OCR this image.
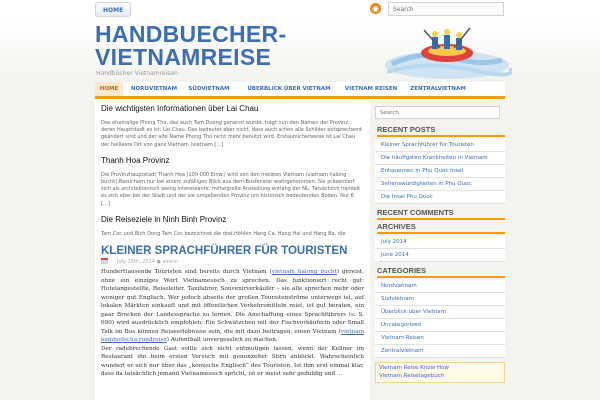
HOME	◉
Search
HANDBUECHER-
VIETNAMREISE
Handbücher Vietnamreisen
HOME	NORDVIETNAM	SÜDVIETNAM	ÜBERBLICK ÜBER VIETNAM	VIETNAM REISEN	ZENTRALVIETNAM
Die wichtigsten Informationen über Lai Chau

Das ehemalige Phong Tho, das auch Tam Duong genannt wurde, trägt nun den Namen der Provinz, deren Hauptstadt es ist: Lai Chau. Das bedeutet aber nicht, dass auch schon alle Schilder entsprechend geändert sind und der alte Name Phong Tho nicht mehr benutzt wird. Erstaunlicherweise ist Lai Chau der heißeste Ort von ganz Vietnam (vietnam […]

Thanh Hoa Provinz

Die Provinzhauptstadt Thanh Hoa (100 000 Einw.) wird von den meisten Vietnam (vietnam halong bucht)-Besuchern nur bei einem zufälligen Blick aus dem Busfenster wahrgenommen. Sie präsentiert sich als architektonisch wenig interessante, mittelgroße Ansiedlung entlang der NL. Tatsächlich handelt es sich aber bei der Stadt und der sie umgebenden Provinz um historisch bedeutenden Boden. Nur 6 […]

Die Reiseziele in Ninh Binh Provinz

Tam Coc und Bich Dong Tam Coc bezeichnet die drei Höhlen Hang Ca, Hang Hai und Hang Ba, die

KLEINER SPRACHFÜHRER FÜR TOURISTEN
July 16th, 2014 ◼ admin

Hunderttausende Touristen sind bereits durch Vietnam (vietnam halong bucht) gereist, ohne ein einziges Wort Vietnamesisch zu sprechen. Das funktioniert recht gut: Hotelangestellte, Reiseleiter, Taxifahrer, Souvenirverkäufer – sie alle sprechen mehr oder weniger gut Englisch. Wer jedoch abseits der großen Touristenströme unterwegs ist, auf lokalen Märkten einkauft und mit öffentlichen Verkehrsmitteln reist, ist gut beraten, ein paar Brocken der Landessprache zu lernen. Die Anschaffung eines Sprachführers (s. S. 690) wird ausdrücklich empfohlen: Ein Schwätzchen mit der Fischverkäuferin oder Small Talk im Bus können Reiseerlebnisse sein, die mit dazu beitragen, einen Vietnam (vietnam kambodscha rundreise) Aufenthalt unvergesslich zu machen.

Der radebrechende Gast sollte sich nicht entmutigen lassen, wenn der Kellner im Restaurant ihn beim ersten Versuch mit genunzelter Stirn anblickt. Wahrscheinlich wundert er sich nur über das „komische Englisch“ des Touristen. Ist ihm erst einmal klar, dass da tatsächlich jemand Vietnamesisch spricht, ist er meist sehr geduldig und ...

Search
RECENT POSTS
Kleiner Sprachführer für Touristen
Die häufigsten Krankheiten in Vietnam
Entspannen in Phu Quoc Insel
Sehenswürdigkeiten in Phu Quoc
Die Insel Phu Quoc
RECENT COMMENTS
ARCHIVES
July 2014
June 2014
CATEGORIES
Nordvietnam
Südvietnam
Überblick über Vietnam
Uncategorized
Vietnam Reisen
Zentralvietnam
Vietnam Reise Know How
Vietnam Reisetagebuch
